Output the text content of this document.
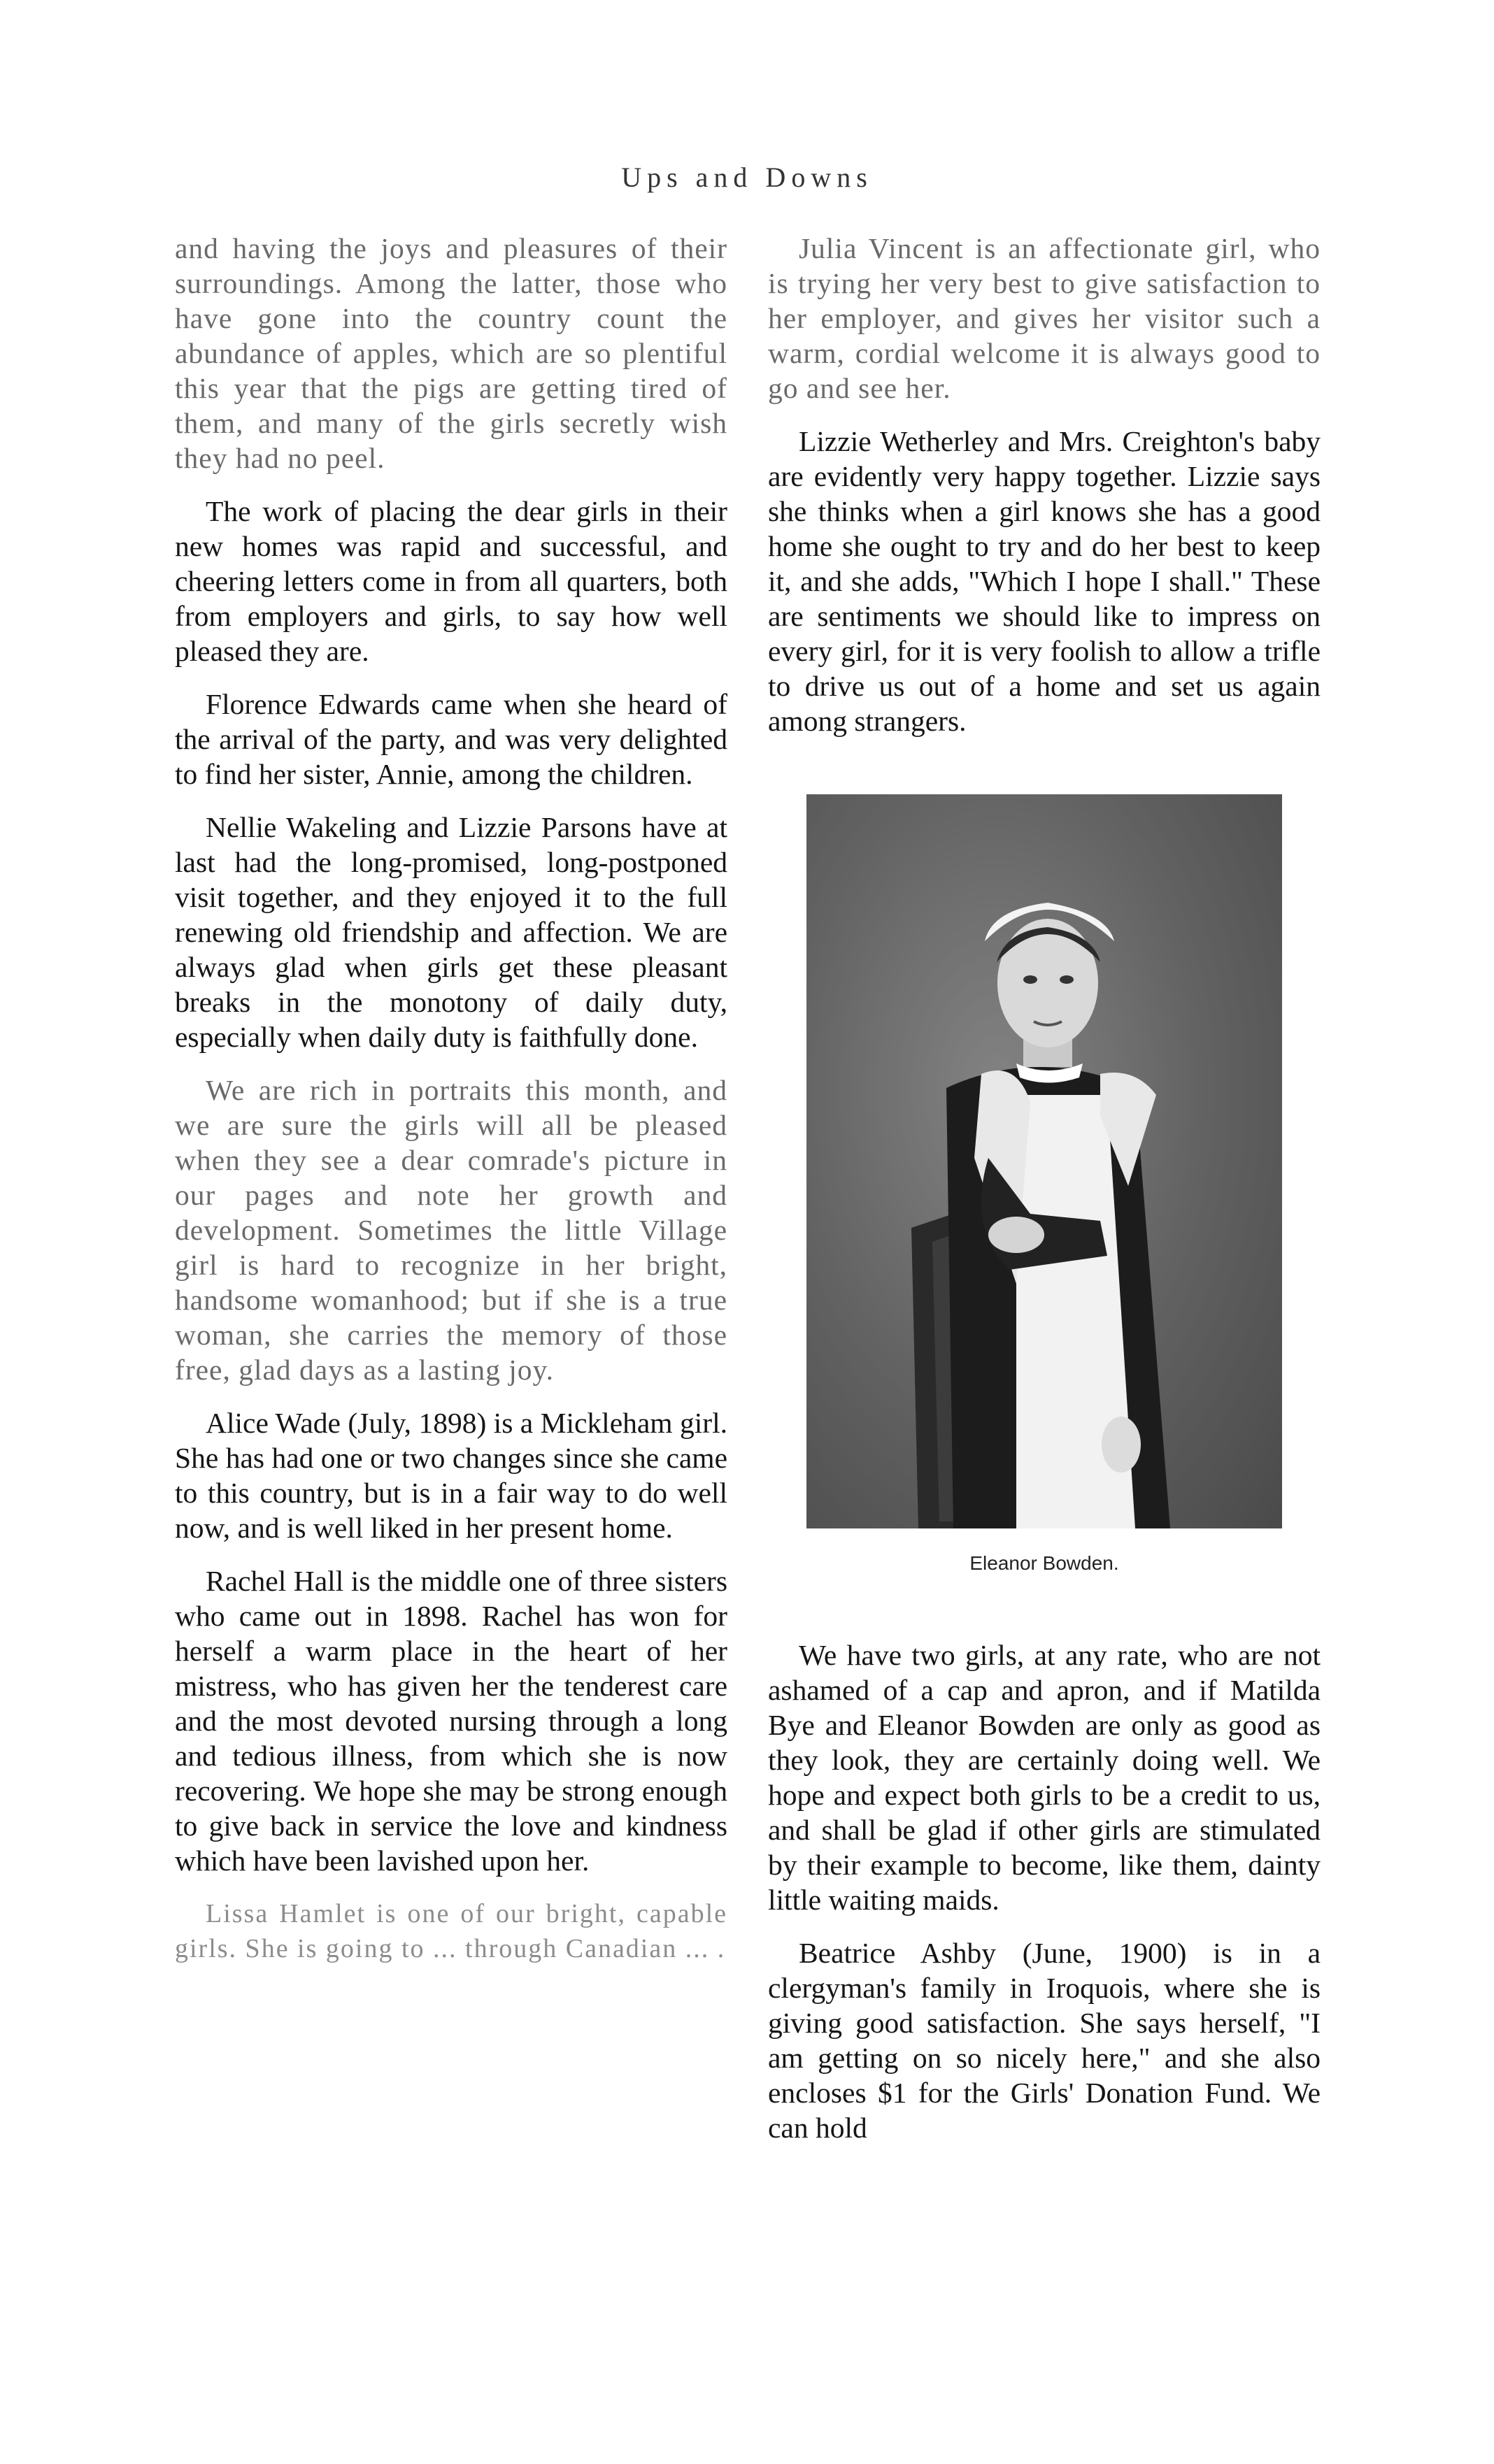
Ups and Downs

and having the joys and pleasures of their surroundings. Among the latter, those who have gone into the country count the abundance of apples, which are so plentiful this year that the pigs are getting tired of them, and many of the girls secretly wish they had no peel.

The work of placing the dear girls in their new homes was rapid and successful, and cheering letters come in from all quarters, both from employers and girls, to say how well pleased they are.

Florence Edwards came when she heard of the arrival of the party, and was very delighted to find her sister, Annie, among the children.

Nellie Wakeling and Lizzie Parsons have at last had the long-promised, long-postponed visit together, and they enjoyed it to the full renewing old friendship and affection. We are always glad when girls get these pleasant breaks in the monotony of daily duty, especially when daily duty is faithfully done.

We are rich in portraits this month, and we are sure the girls will all be pleased when they see a dear comrade's picture in our pages and note her growth and development. Sometimes the little Village girl is hard to recognize in her bright, handsome womanhood; but if she is a true woman, she carries the memory of those free, glad days as a lasting joy.

Alice Wade (July, 1898) is a Mickleham girl. She has had one or two changes since she came to this country, but is in a fair way to do well now, and is well liked in her present home.

Rachel Hall is the middle one of three sisters who came out in 1898. Rachel has won for herself a warm place in the heart of her mistress, who has given her the tenderest care and the most devoted nursing through a long and tedious illness, from which she is now recovering. We hope she may be strong enough to give back in service the love and kindness which have been lavished upon her.

Lissa Hamlet is one of our bright, capable girls. She is going to ... through Canadian ... .

Julia Vincent is an affectionate girl, who is trying her very best to give satisfaction to her employer, and gives her visitor such a warm, cordial welcome it is always good to go and see her.

Lizzie Wetherley and Mrs. Creighton's baby are evidently very happy together. Lizzie says she thinks when a girl knows she has a good home she ought to try and do her best to keep it, and she adds, "Which I hope I shall." These are sentiments we should like to impress on every girl, for it is very foolish to allow a trifle to drive us out of a home and set us again among strangers.

Eleanor Bowden.

We have two girls, at any rate, who are not ashamed of a cap and apron, and if Matilda Bye and Eleanor Bowden are only as good as they look, they are certainly doing well. We hope and expect both girls to be a credit to us, and shall be glad if other girls are stimulated by their example to become, like them, dainty little waiting maids.

Beatrice Ashby (June, 1900) is in a clergyman's family in Iroquois, where she is giving good satisfaction. She says herself, "I am getting on so nicely here," and she also encloses $1 for the Girls' Donation Fund. We can hold
